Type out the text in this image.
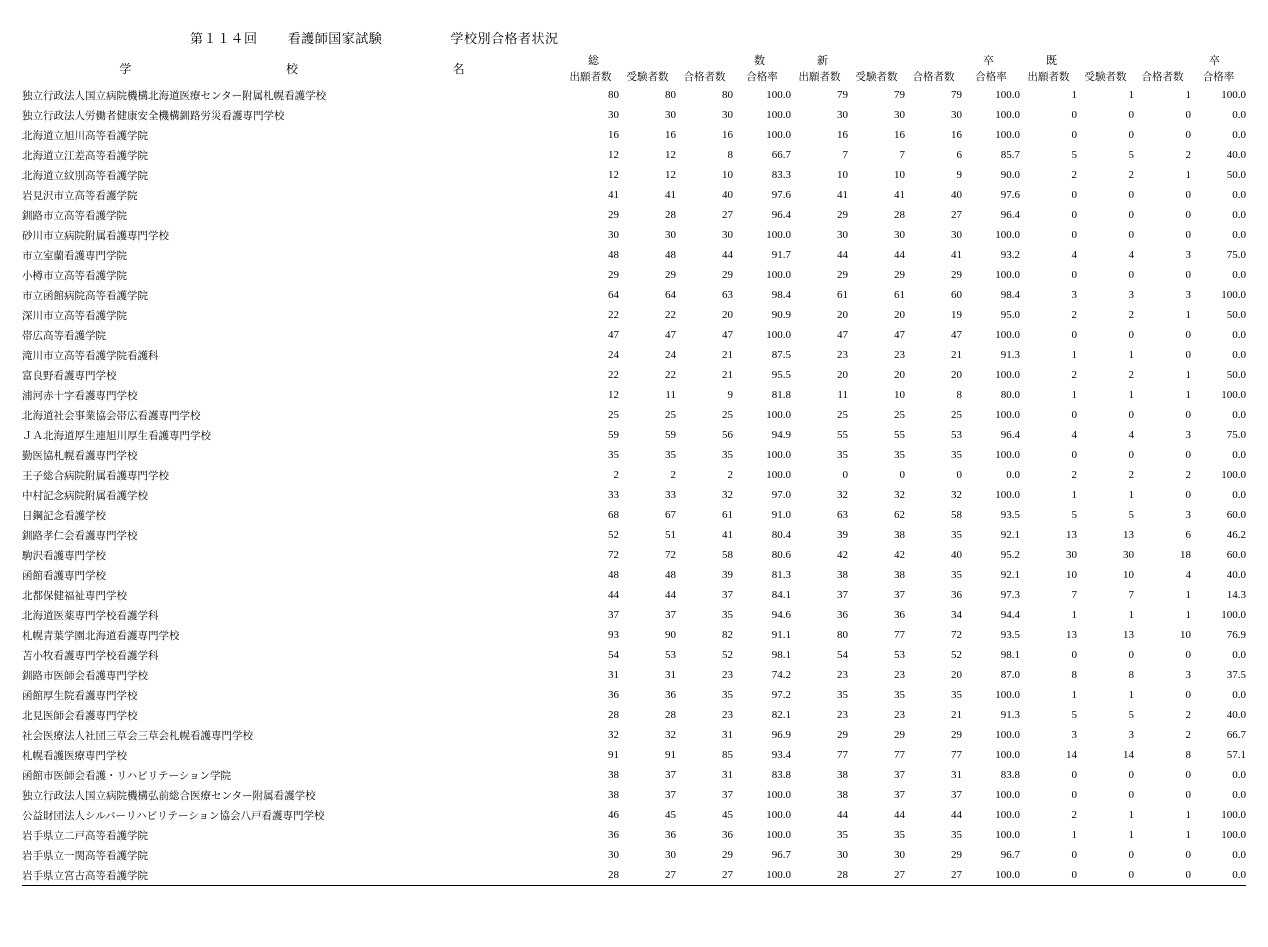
第１１４回 看護師国家試験	学校別合格者状況
学 校 名	総 数				新 卒				既 卒			

	出願者数	受験者数	合格者数	合格率	出願者数	受験者数	合格者数	合格率	出願者数	受験者数	合格者数	合格率
独立行政法人国立病院機構北海道医療センター附属札幌看護学校	80	80	80	100.0	79	79	79	100.0	1	1	1	100.0
独立行政法人労働者健康安全機構釧路労災看護専門学校	30	30	30	100.0	30	30	30	100.0	0	0	0	0.0
北海道立旭川高等看護学院	16	16	16	100.0	16	16	16	100.0	0	0	0	0.0
北海道立江差高等看護学院	12	12	8	66.7	7	7	6	85.7	5	5	2	40.0
北海道立紋別高等看護学院	12	12	10	83.3	10	10	9	90.0	2	2	1	50.0
岩見沢市立高等看護学院	41	41	40	97.6	41	41	40	97.6	0	0	0	0.0
釧路市立高等看護学院	29	28	27	96.4	29	28	27	96.4	0	0	0	0.0
砂川市立病院附属看護専門学校	30	30	30	100.0	30	30	30	100.0	0	0	0	0.0
市立室蘭看護専門学院	48	48	44	91.7	44	44	41	93.2	4	4	3	75.0
小樽市立高等看護学院	29	29	29	100.0	29	29	29	100.0	0	0	0	0.0
市立函館病院高等看護学院	64	64	63	98.4	61	61	60	98.4	3	3	3	100.0
深川市立高等看護学院	22	22	20	90.9	20	20	19	95.0	2	2	1	50.0
帯広高等看護学院	47	47	47	100.0	47	47	47	100.0	0	0	0	0.0
滝川市立高等看護学院看護科	24	24	21	87.5	23	23	21	91.3	1	1	0	0.0
富良野看護専門学校	22	22	21	95.5	20	20	20	100.0	2	2	1	50.0
浦河赤十字看護専門学校	12	11	9	81.8	11	10	8	80.0	1	1	1	100.0
北海道社会事業協会帯広看護専門学校	25	25	25	100.0	25	25	25	100.0	0	0	0	0.0
ＪＡ北海道厚生連旭川厚生看護専門学校	59	59	56	94.9	55	55	53	96.4	4	4	3	75.0
勤医協札幌看護専門学校	35	35	35	100.0	35	35	35	100.0	0	0	0	0.0
王子総合病院附属看護専門学校	2	2	2	100.0	0	0	0	0.0	2	2	2	100.0
中村記念病院附属看護学校	33	33	32	97.0	32	32	32	100.0	1	1	0	0.0
日鋼記念看護学校	68	67	61	91.0	63	62	58	93.5	5	5	3	60.0
釧路孝仁会看護専門学校	52	51	41	80.4	39	38	35	92.1	13	13	6	46.2
駒沢看護専門学校	72	72	58	80.6	42	42	40	95.2	30	30	18	60.0
函館看護専門学校	48	48	39	81.3	38	38	35	92.1	10	10	4	40.0
北都保健福祉専門学校	44	44	37	84.1	37	37	36	97.3	7	7	1	14.3
北海道医薬専門学校看護学科	37	37	35	94.6	36	36	34	94.4	1	1	1	100.0
札幌青葉学園北海道看護専門学校	93	90	82	91.1	80	77	72	93.5	13	13	10	76.9
苫小牧看護専門学校看護学科	54	53	52	98.1	54	53	52	98.1	0	0	0	0.0
釧路市医師会看護専門学校	31	31	23	74.2	23	23	20	87.0	8	8	3	37.5
函館厚生院看護専門学校	36	36	35	97.2	35	35	35	100.0	1	1	0	0.0
北見医師会看護専門学校	28	28	23	82.1	23	23	21	91.3	5	5	2	40.0
社会医療法人社団三草会三草会札幌看護専門学校	32	32	31	96.9	29	29	29	100.0	3	3	2	66.7
札幌看護医療専門学校	91	91	85	93.4	77	77	77	100.0	14	14	8	57.1
函館市医師会看護・リハビリテーション学院	38	37	31	83.8	38	37	31	83.8	0	0	0	0.0
独立行政法人国立病院機構弘前総合医療センター附属看護学校	38	37	37	100.0	38	37	37	100.0	0	0	0	0.0
公益財団法人シルバーリハビリテーション協会八戸看護専門学校	46	45	45	100.0	44	44	44	100.0	2	1	1	100.0
岩手県立二戸高等看護学院	36	36	36	100.0	35	35	35	100.0	1	1	1	100.0
岩手県立一関高等看護学院	30	30	29	96.7	30	30	29	96.7	0	0	0	0.0
岩手県立宮古高等看護学院	28	27	27	100.0	28	27	27	100.0	0	0	0	0.0
